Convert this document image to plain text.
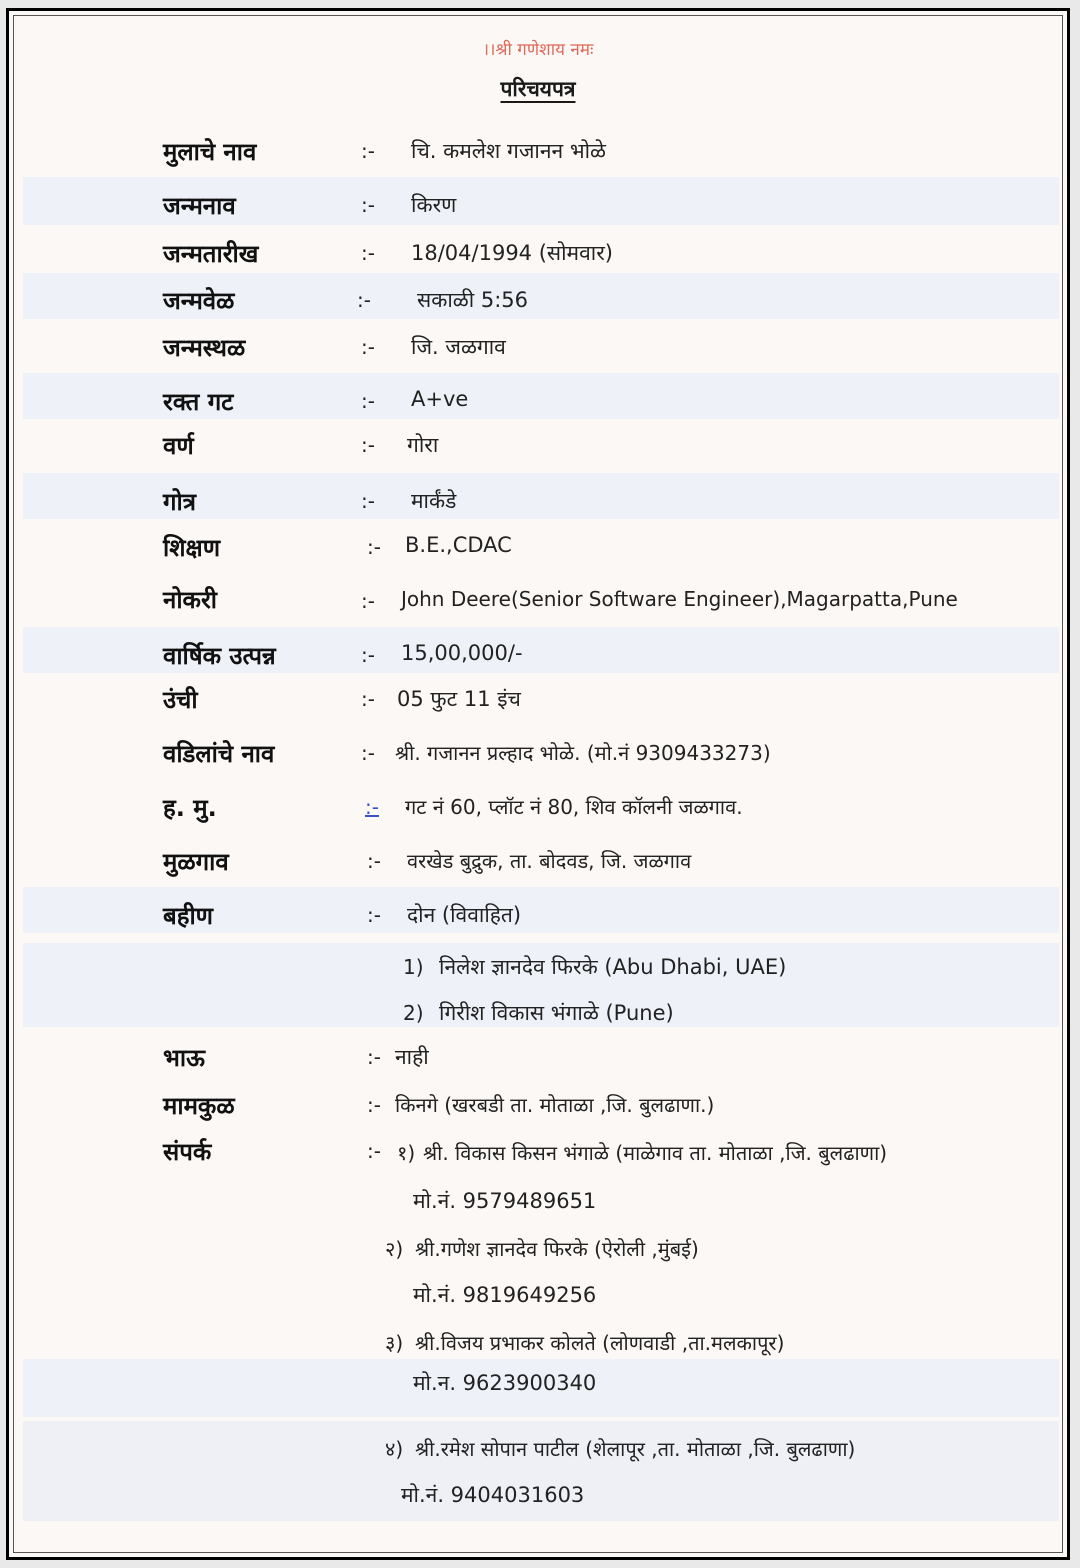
।।श्री गणेशाय नमः
परिचयपत्र
मुलाचे नाव	:- चि. कमलेश गजानन भोळे
जन्मनाव	:- किरण
जन्मतारीख	:- 18/04/1994 (सोमवार)
जन्मवेळ	:- सकाळी 5:56
जन्मस्थळ	:- जि. जळगाव
रक्त गट	:- A+ve
वर्ण	:- गोरा
गोत्र	:- मार्कंडे
शिक्षण	:- B.E.,CDAC
नोकरी	:- John Deere(Senior Software Engineer),Magarpatta,Pune
वार्षिक उत्पन्न	:- 15,00,000/-
उंची	:- 05 फुट 11 इंच
वडिलांचे नाव	:- श्री. गजानन प्रल्हाद भोळे. (मो.नं 9309433273)
ह. मु.	:- गट नं 60, प्लॉट नं 80, शिव कॉलनी जळगाव.
मुळगाव	:- वरखेड बुद्रुक, ता. बोदवड, जि. जळगाव
बहीण	:- दोन (विवाहित)
1) निलेश ज्ञानदेव फिरके (Abu Dhabi, UAE)
2) गिरीश विकास भंगाळे (Pune)
भाऊ	:- नाही
मामकुळ	:- किनगे (खरबडी ता. मोताळा ,जि. बुलढाणा.)
संपर्क	:- १) श्री. विकास किसन भंगाळे (माळेगाव ता. मोताळा ,जि. बुलढाणा)
मो.नं. 9579489651
२) श्री.गणेश ज्ञानदेव फिरके (ऐरोली ,मुंबई)
मो.नं. 9819649256
३) श्री.विजय प्रभाकर कोलते (लोणवाडी ,ता.मलकापूर)
मो.न. 9623900340
४) श्री.रमेश सोपान पाटील (शेलापूर ,ता. मोताळा ,जि. बुलढाणा)
मो.नं. 9404031603
